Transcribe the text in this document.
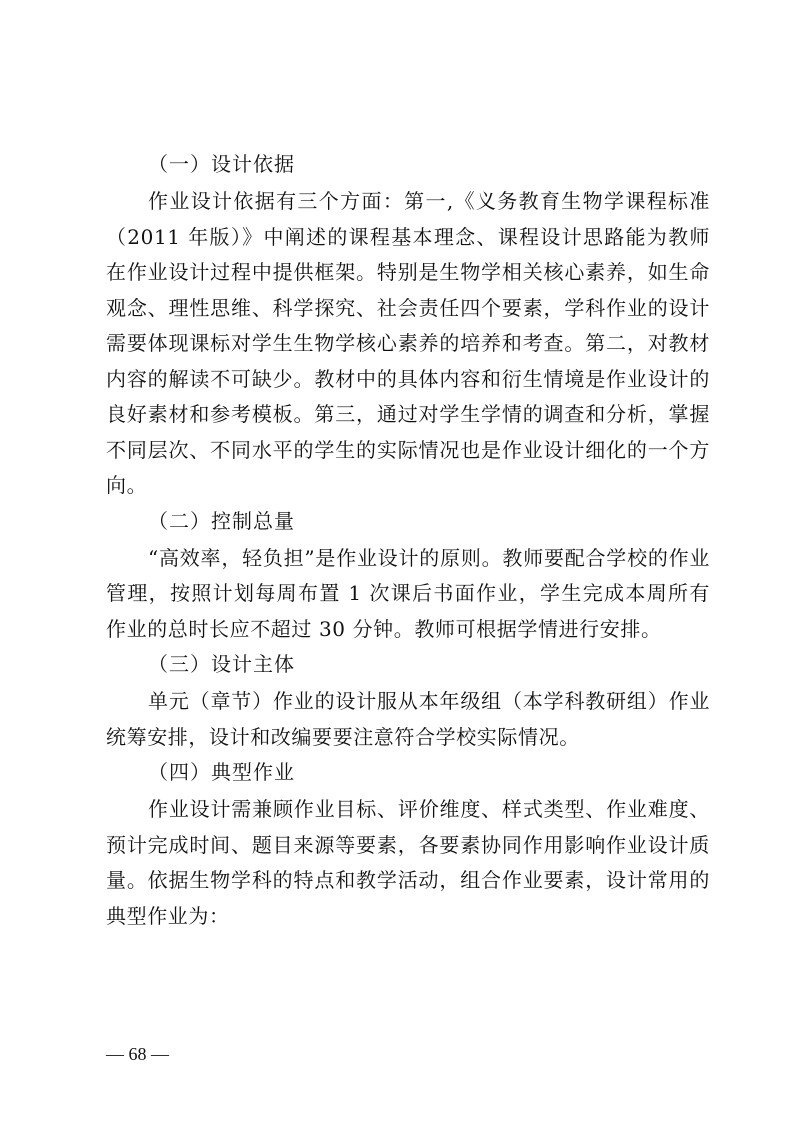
（一）设计依据

作业设计依据有三个方面：第一,《义务教育生物学课程标准（2011 年版）》中阐述的课程基本理念、课程设计思路能为教师在作业设计过程中提供框架。特别是生物学相关核心素养，如生命观念、理性思维、科学探究、社会责任四个要素，学科作业的设计需要体现课标对学生生物学核心素养的培养和考查。第二，对教材内容的解读不可缺少。教材中的具体内容和衍生情境是作业设计的良好素材和参考模板。第三，通过对学生学情的调查和分析，掌握不同层次、不同水平的学生的实际情况也是作业设计细化的一个方向。

（二）控制总量

“高效率，轻负担”是作业设计的原则。教师要配合学校的作业管理，按照计划每周布置 1 次课后书面作业，学生完成本周所有作业的总时长应不超过 30 分钟。教师可根据学情进行安排。

（三）设计主体

单元（章节）作业的设计服从本年级组（本学科教研组）作业统筹安排，设计和改编要要注意符合学校实际情况。

（四）典型作业

作业设计需兼顾作业目标、评价维度、样式类型、作业难度、预计完成时间、题目来源等要素，各要素协同作用影响作业设计质量。依据生物学科的特点和教学活动，组合作业要素，设计常用的典型作业为：

— 68 —
